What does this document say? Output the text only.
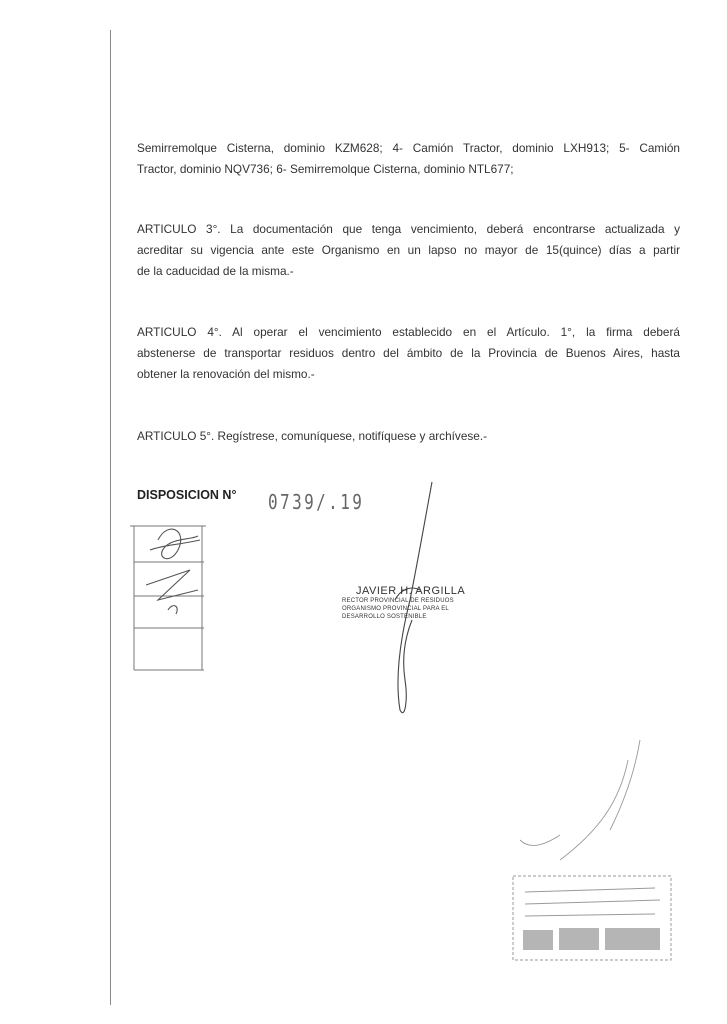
Semirremolque Cisterna, dominio KZM628; 4- Camión Tractor, dominio LXH913; 5- Camión
Tractor, dominio NQV736; 6- Semirremolque Cisterna, dominio NTL677;

ARTICULO 3°. La documentación que tenga vencimiento, deberá encontrarse actualizada y
acreditar su vigencia ante este Organismo en un lapso no mayor de 15(quince) días a partir
de la caducidad de la misma.-

ARTICULO 4°. Al operar el vencimiento establecido en el Artículo. 1°, la firma deberá
abstenerse de transportar residuos dentro del ámbito de la Provincia de Buenos Aires, hasta
obtener la renovación del mismo.-

ARTICULO 5°. Regístrese, comuníquese, notifíquese y archívese.-

DISPOSICION N° 0739/.19
JAVIER H. ARGILLA
RECTOR PROVINCIAL DE RESIDUOS
ORGANISMO PROVINCIAL PARA EL
DESARROLLO SOSTENIBLE
